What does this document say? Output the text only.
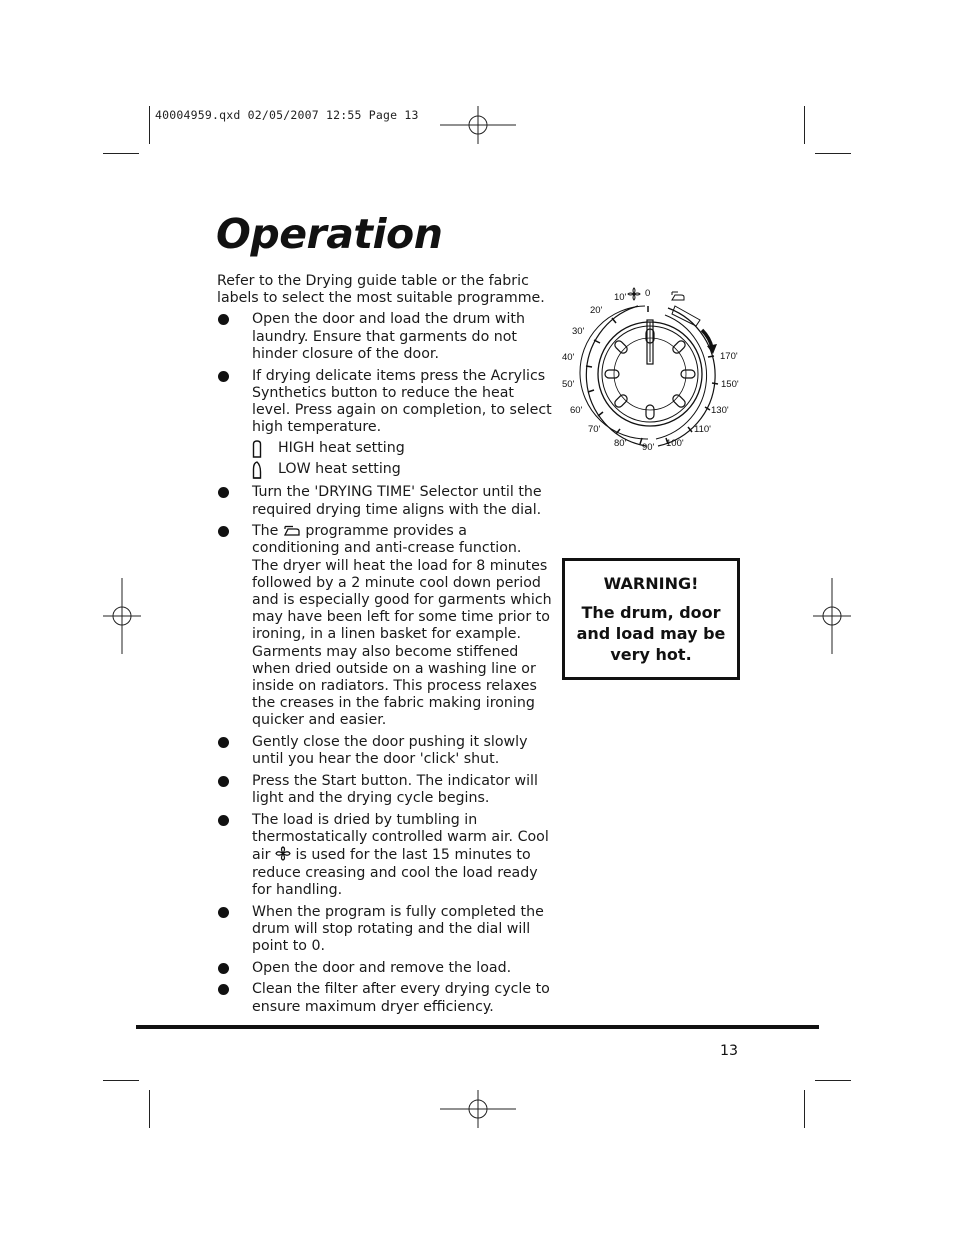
40004959.qxd 02/05/2007 12:55 Page 13
Operation

Refer to the Drying guide table or the fabric labels to select the most suitable programme.

Open the door and load the drum with laundry. Ensure that garments do not hinder closure of the door.
If drying delicate items press the Acrylics Synthetics button to reduce the heat level. Press again on completion, to select high temperature.
HIGH heat setting
LOW heat setting
Turn the 'DRYING TIME' Selector until the required drying time aligns with the dial.
The programme provides a conditioning and anti-crease function. The dryer will heat the load for 8 minutes followed by a 2 minute cool down period and is especially good for garments which may have been left for some time prior to ironing, in a linen basket for example. Garments may also become stiffened when dried outside on a washing line or inside on radiators. This process relaxes the creases in the fabric making ironing quicker and easier.
Gently close the door pushing it slowly until you hear the door 'click' shut.
Press the Start button. The indicator will light and the drying cycle begins.
The load is dried by tumbling in thermostatically controlled warm air. Cool air is used for the last 15 minutes to reduce creasing and cool the load ready for handling.
When the program is fully completed the drum will stop rotating and the dial will point to 0.
Open the door and remove the load.
Clean the filter after every drying cycle to ensure maximum dryer efficiency.
10' 0
20'
30'
40'
50'
60'
70'
80' 90'
170'
150'
130'
110'
100'
WARNING!
The drum, door and load may be very hot.
13
